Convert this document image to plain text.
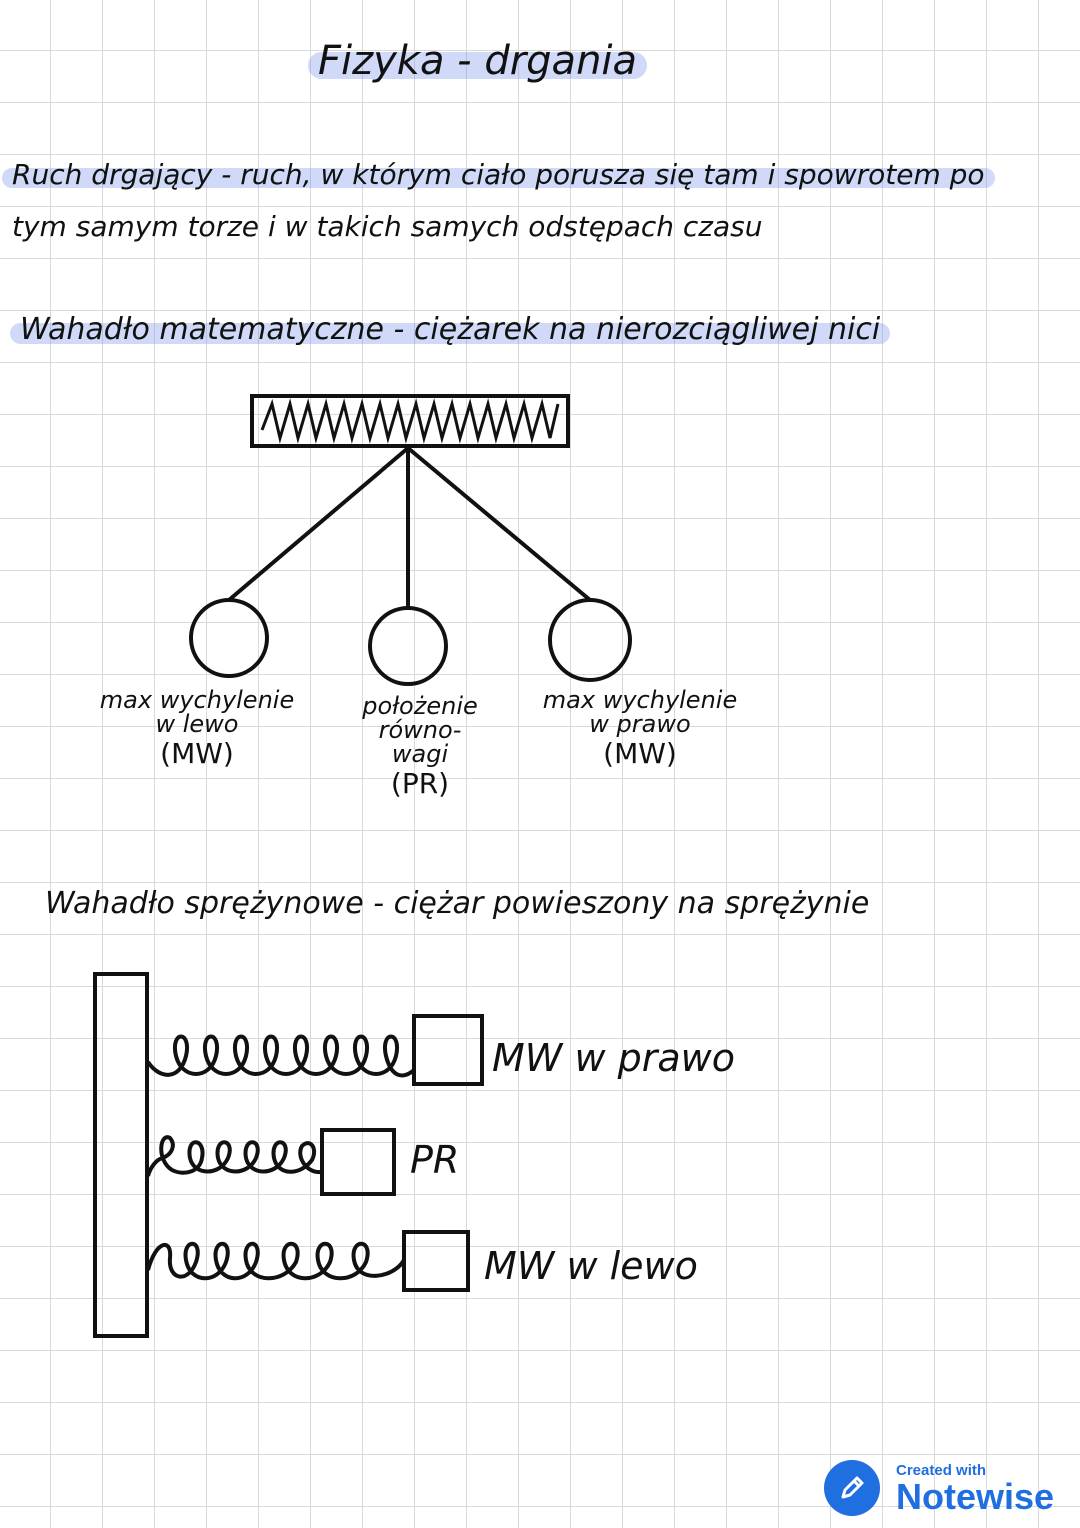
Fizyka - drgania
Ruch drgający - ruch, w którym ciało porusza się tam i spowrotem po
tym samym torze i w takich samych odstępach czasu
Wahadło matematyczne - ciężarek na nierozciągliwej nici
max wychylenie
w lewo
(MW)
położenie równo-
wagi
(PR)
max wychylenie
w prawo
(MW)
Wahadło sprężynowe - ciężar powieszony na sprężynie
MW w prawo
PR
MW w lewo
Created with
Notewise
